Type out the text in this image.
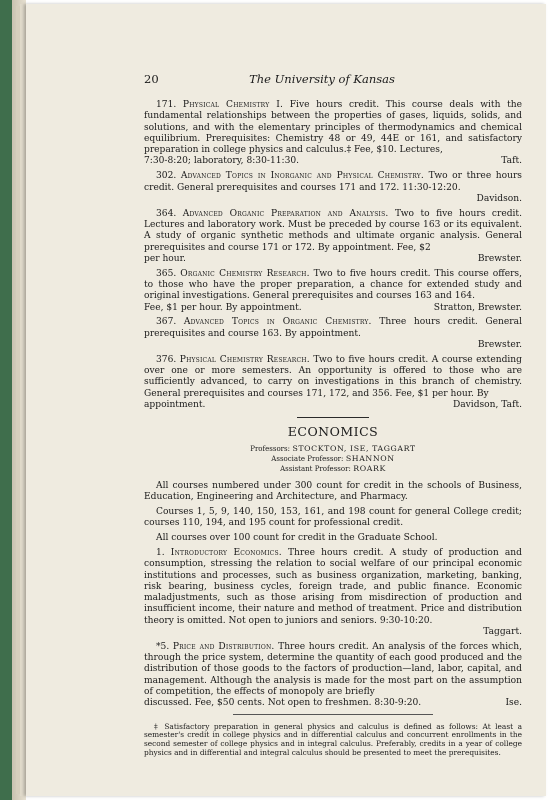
20	The University of Kansas
171. Physical Chemistry I. Five hours credit. This course deals with the fundamental relationships between the properties of gases, liquids, solids, and solutions, and with the elementary principles of thermodynamics and chemical equilibrium. Prerequisites: Chemistry 48 or 49, 44E or 161, and satisfactory preparation in college physics and calculus.‡ Fee, $10. Lectures,
7:30-8:20; laboratory, 8:30-11:30.	Taft.
302. Advanced Topics in Inorganic and Physical Chemistry. Two or three hours credit. General prerequisites and courses 171 and 172. 11:30-12:20.
Davidson.
364. Advanced Organic Preparation and Analysis. Two to five hours credit. Lectures and laboratory work. Must be preceded by course 163 or its equivalent. A study of organic synthetic methods and ultimate organic analysis. General prerequisites and course 171 or 172. By appointment. Fee, $2
per hour.	Brewster.
365. Organic Chemistry Research. Two to five hours credit. This course offers, to those who have the proper preparation, a chance for extended study and original investigations. General prerequisites and courses 163 and 164.
Fee, $1 per hour. By appointment.	Stratton, Brewster.
367. Advanced Topics in Organic Chemistry. Three hours credit. General prerequisites and course 163. By appointment.
Brewster.
376. Physical Chemistry Research. Two to five hours credit. A course extending over one or more semesters. An opportunity is offered to those who are sufficiently advanced, to carry on investigations in this branch of chemistry. General prerequisites and courses 171, 172, and 356. Fee, $1 per hour. By
appointment.	Davidson, Taft.
ECONOMICS
Professors: STOCKTON, ISE, TAGGART
Associate Professor: SHANNON
Assistant Professor: ROARK
All courses numbered under 300 count for credit in the schools of Business, Education, Engineering and Architecture, and Pharmacy.
Courses 1, 5, 9, 140, 150, 153, 161, and 198 count for general College credit; courses 110, 194, and 195 count for professional credit.
All courses over 100 count for credit in the Graduate School.
1. Introductory Economics. Three hours credit. A study of production and consumption, stressing the relation to social welfare of our principal economic institutions and processes, such as business organization, marketing, banking, risk bearing, business cycles, foreign trade, and public finance. Economic maladjustments, such as those arising from misdirection of production and insufficient income, their nature and method of treatment. Price and distribution theory is omitted. Not open to juniors and seniors. 9:30-10:20.
Taggart.
*5. Price and Distribution. Three hours credit. An analysis of the forces which, through the price system, determine the quantity of each good produced and the distribution of those goods to the factors of production—land, labor, capital, and management. Although the analysis is made for the most part on the assumption of competition, the effects of monopoly are briefly
discussed. Fee, $50 cents. Not open to freshmen. 8:30-9:20.	Ise.
‡ Satisfactory preparation in general physics and calculus is defined as follows: At least a semester's credit in college physics and in differential calculus and concurrent enrollments in the second semester of college physics and in integral calculus. Preferably, credits in a year of college physics and in differential and integral calculus should be presented to meet the prerequisites.
